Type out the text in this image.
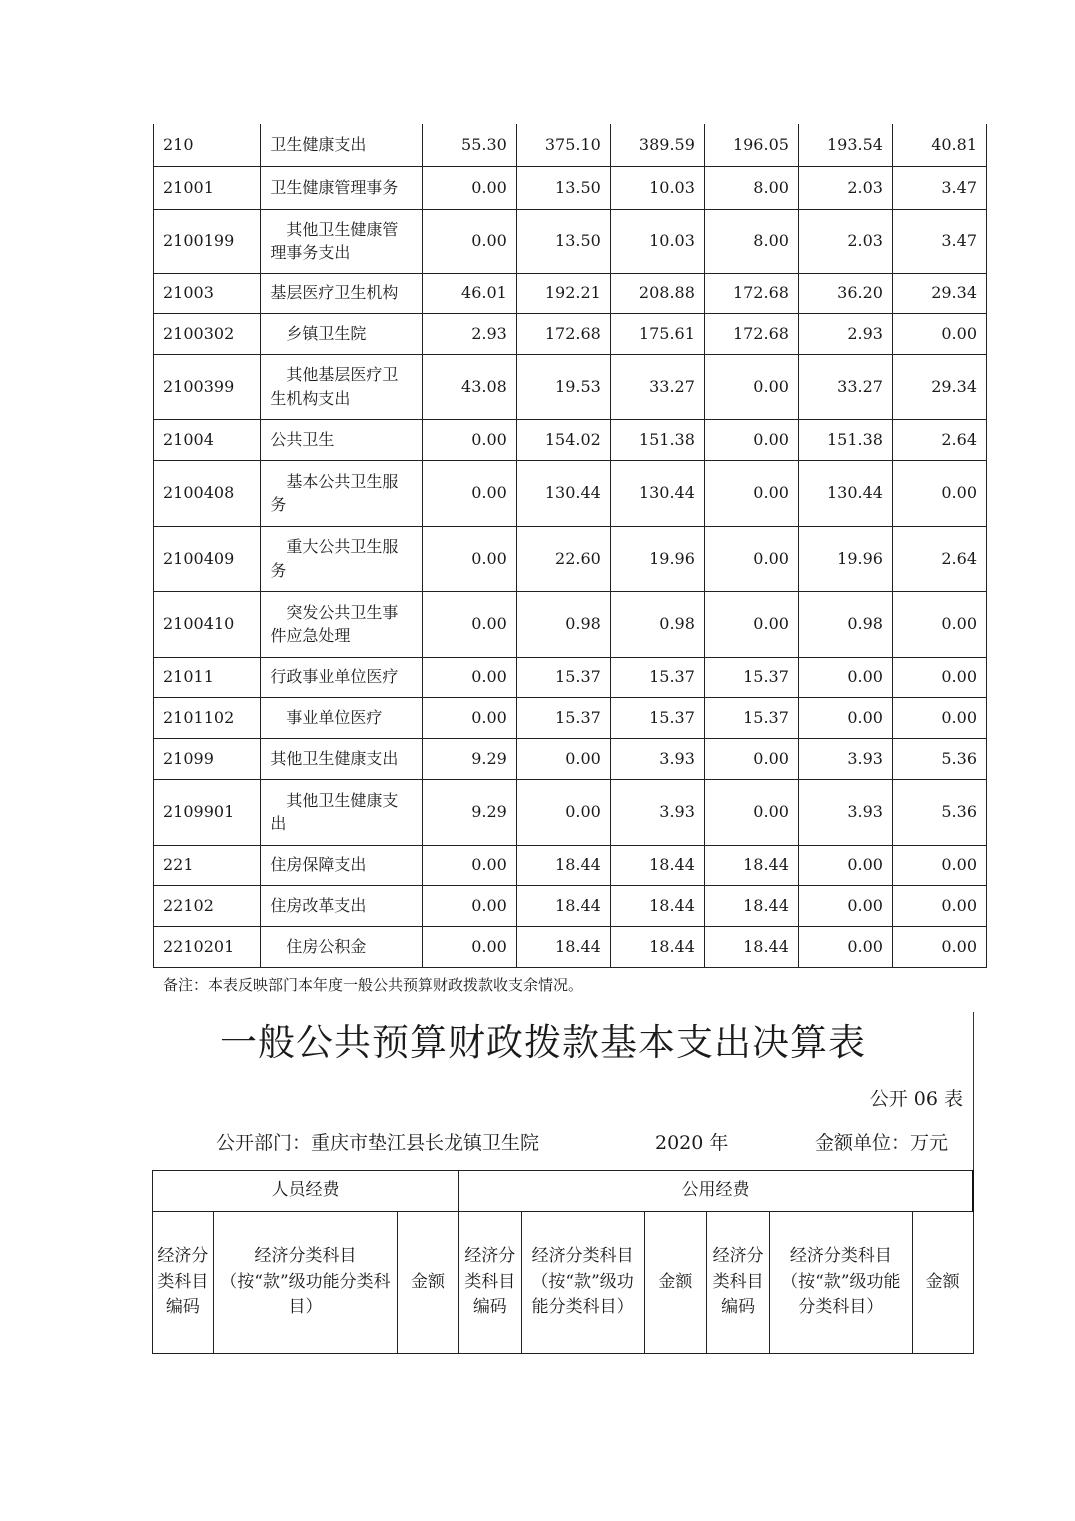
210	卫生健康支出	55.30	375.10	389.59	196.05	193.54	40.81
21001	卫生健康管理事务	0.00	13.50	10.03	8.00	2.03	3.47
2100199	其他卫生健康管理事务支出	0.00	13.50	10.03	8.00	2.03	3.47
21003	基层医疗卫生机构	46.01	192.21	208.88	172.68	36.20	29.34
2100302	乡镇卫生院	2.93	172.68	175.61	172.68	2.93	0.00
2100399	其他基层医疗卫生机构支出	43.08	19.53	33.27	0.00	33.27	29.34
21004	公共卫生	0.00	154.02	151.38	0.00	151.38	2.64
2100408	基本公共卫生服务	0.00	130.44	130.44	0.00	130.44	0.00
2100409	重大公共卫生服务	0.00	22.60	19.96	0.00	19.96	2.64
2100410	突发公共卫生事件应急处理	0.00	0.98	0.98	0.00	0.98	0.00
21011	行政事业单位医疗	0.00	15.37	15.37	15.37	0.00	0.00
2101102	事业单位医疗	0.00	15.37	15.37	15.37	0.00	0.00
21099	其他卫生健康支出	9.29	0.00	3.93	0.00	3.93	5.36
2109901	其他卫生健康支出	9.29	0.00	3.93	0.00	3.93	5.36
221	住房保障支出	0.00	18.44	18.44	18.44	0.00	0.00
22102	住房改革支出	0.00	18.44	18.44	18.44	0.00	0.00
2210201	住房公积金	0.00	18.44	18.44	18.44	0.00	0.00
备注：本表反映部门本年度一般公共预算财政拨款收支余情况。
一般公共预算财政拨款基本支出决算表
公开 06 表
公开部门：重庆市垫江县长龙镇卫生院	2020 年	金额单位：万元
人员经费			公用经费					
经济分类科目编码	经济分类科目（按“款”级功能分类科目）	金额	经济分类科目编码	经济分类科目（按“款”级功能分类科目）	金额	经济分类科目编码	经济分类科目（按“款”级功能分类科目）	金额
